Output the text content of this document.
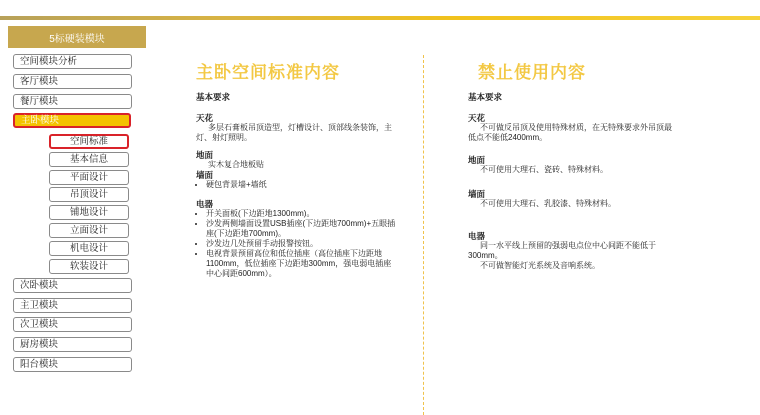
5标硬装模块
空间模块分析
客厅模块
餐厅模块
主卧模块
空间标准
基本信息
平面设计
吊顶设计
铺地设计
立面设计
机电设计
软装设计
次卧模块
主卫模块
次卫模块
厨房模块
阳台模块
主卧空间标准内容	禁止使用内容
基本要求
天花
多层石膏板吊顶造型，灯槽设计、顶部线条装饰，主灯、射灯照明。
地面
实木复合地板贴
墙面
• 硬包背景墙+墙纸
电器
• 开关面板(下边距地1300mm)。
• 沙发两侧墙面设置USB插座(下边距地700mm)+五眼插座(下边距地700mm)。
• 沙发边几处预留手动报警按钮。
• 电视背景预留高位和低位插座（高位插座下边距地1100mm，低位插座下边距地300mm，强电弱电插座中心间距600mm）。
基本要求
天花
不可做反吊顶及使用特殊材质，在无特殊要求外吊顶最低点不能低2400mm。
地面
不可使用大理石、瓷砖、特殊材料。
墙面
不可使用大理石、乳胶漆、特殊材料。
电器
同一水平线上预留的强弱电点位中心间距不能低于300mm。
不可做智能灯光系统及音响系统。
